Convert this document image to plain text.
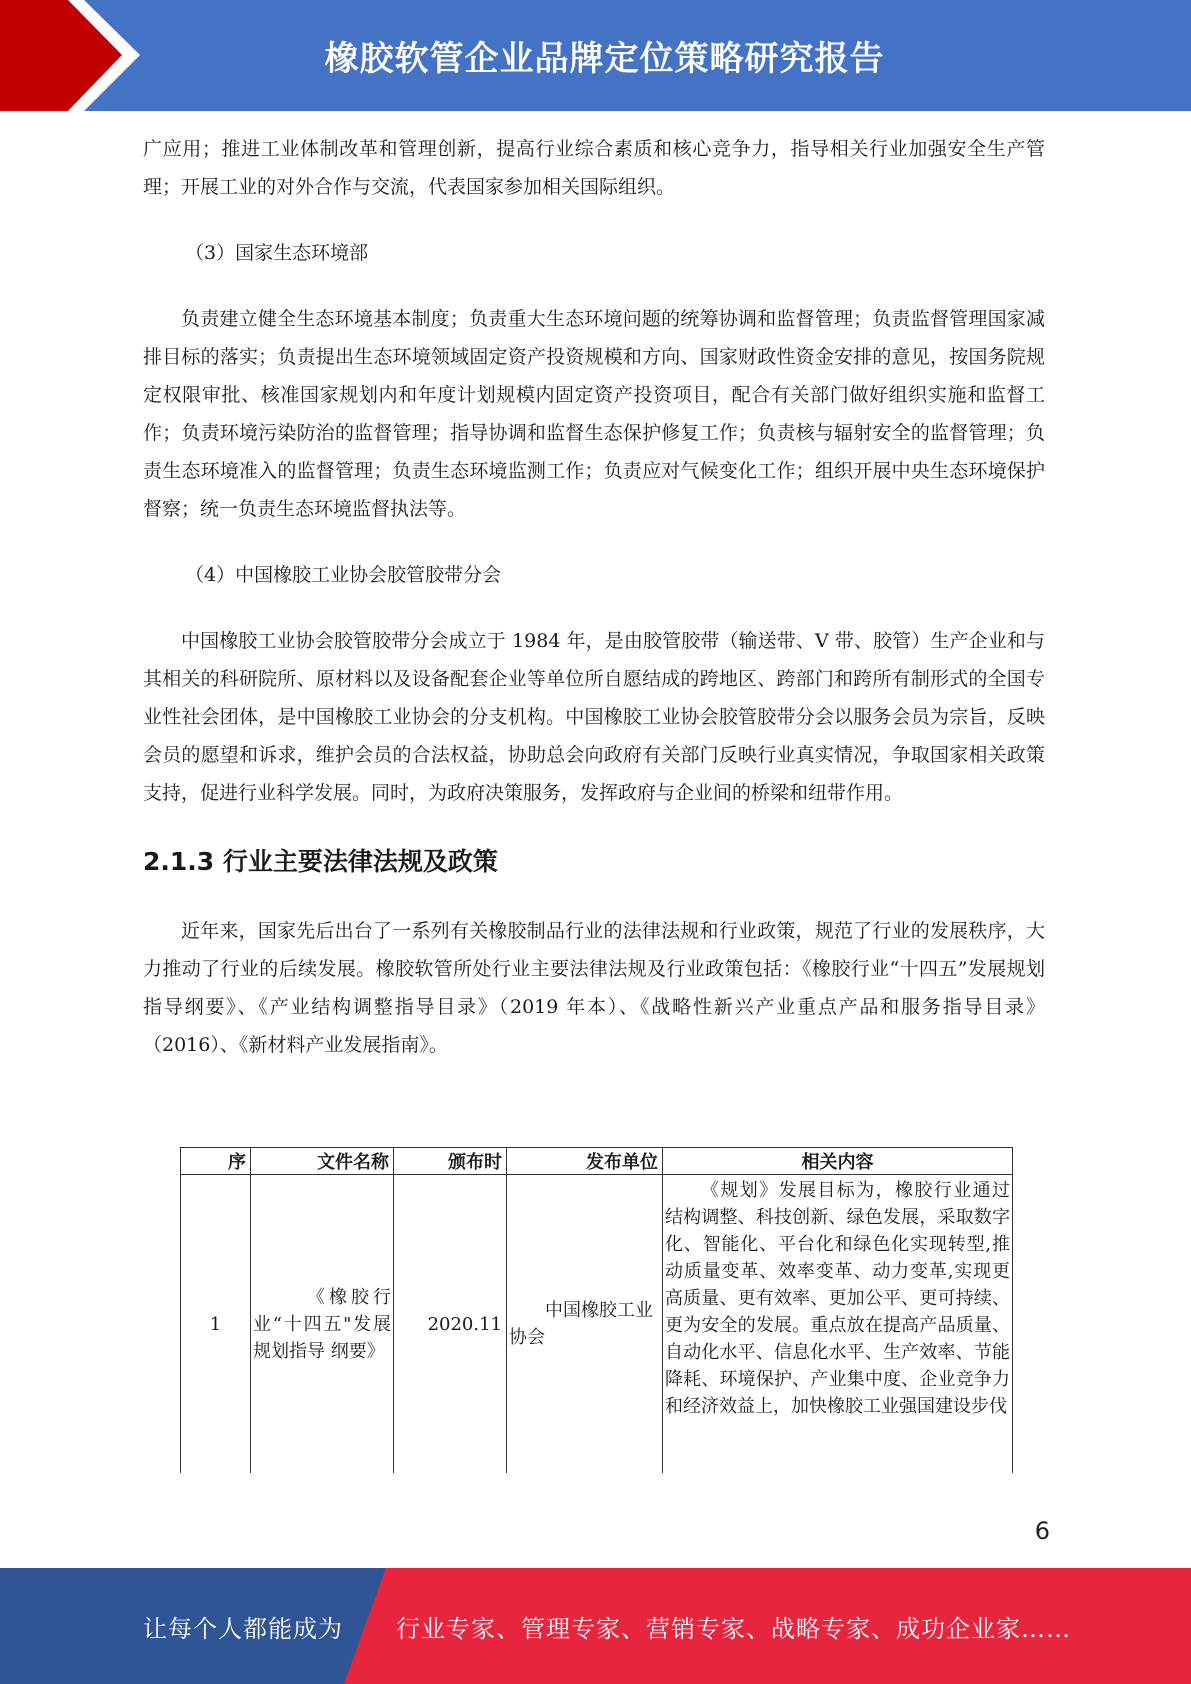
橡胶软管企业品牌定位策略研究报告

广应用；推进工业体制改革和管理创新，提高行业综合素质和核心竞争力，指导相关行业加强安全生产管理；开展工业的对外合作与交流，代表国家参加相关国际组织。

（3）国家生态环境部

负责建立健全生态环境基本制度；负责重大生态环境问题的统筹协调和监督管理；负责监督管理国家减排目标的落实；负责提出生态环境领域固定资产投资规模和方向、国家财政性资金安排的意见，按国务院规定权限审批、核准国家规划内和年度计划规模内固定资产投资项目，配合有关部门做好组织实施和监督工作；负责环境污染防治的监督管理；指导协调和监督生态保护修复工作；负责核与辐射安全的监督管理；负责生态环境准入的监督管理；负责生态环境监测工作；负责应对气候变化工作；组织开展中央生态环境保护督察；统一负责生态环境监督执法等。

（4）中国橡胶工业协会胶管胶带分会

中国橡胶工业协会胶管胶带分会成立于 1984 年，是由胶管胶带（输送带、V 带、胶管）生产企业和与其相关的科研院所、原材料以及设备配套企业等单位所自愿结成的跨地区、跨部门和跨所有制形式的全国专业性社会团体，是中国橡胶工业协会的分支机构。中国橡胶工业协会胶管胶带分会以服务会员为宗旨，反映会员的愿望和诉求，维护会员的合法权益，协助总会向政府有关部门反映行业真实情况，争取国家相关政策支持，促进行业科学发展。同时，为政府决策服务，发挥政府与企业间的桥梁和纽带作用。

2.1.3 行业主要法律法规及政策

近年来，国家先后出台了一系列有关橡胶制品行业的法律法规和行业政策，规范了行业的发展秩序，大力推动了行业的后续发展。橡胶软管所处行业主要法律法规及行业政策包括：《橡胶行业“十四五”发展规划指导纲要》、《产业结构调整指导目录》（2019 年本）、《战略性新兴产业重点产品和服务指导目录》（2016）、《新材料产业发展指南》。

序	文件名称	颁布时	发布单位	相关内容
1	《橡胶行业“十四五"发展规划指导 纲要》	2020.11	中国橡胶工业 协会	《规划》发展目标为，橡胶行业通过 结构调整、科技创新、绿色发展，采取数字化、智能化、平台化和绿色化实现转型,推动质量变革、效率变革、动力变革,实现更高质量、更有效率、更加公平、更可持续、更为安全的发展。重点放在提高产品质量、自动化水平、信息化水平、生产效率、节能降耗、环境保护、产业集中度、企业竞争力和经济效益上，加快橡胶工业强国建设步伐
6
让每个人都能成为 行业专家、管理专家、营销专家、战略专家、成功企业家……
